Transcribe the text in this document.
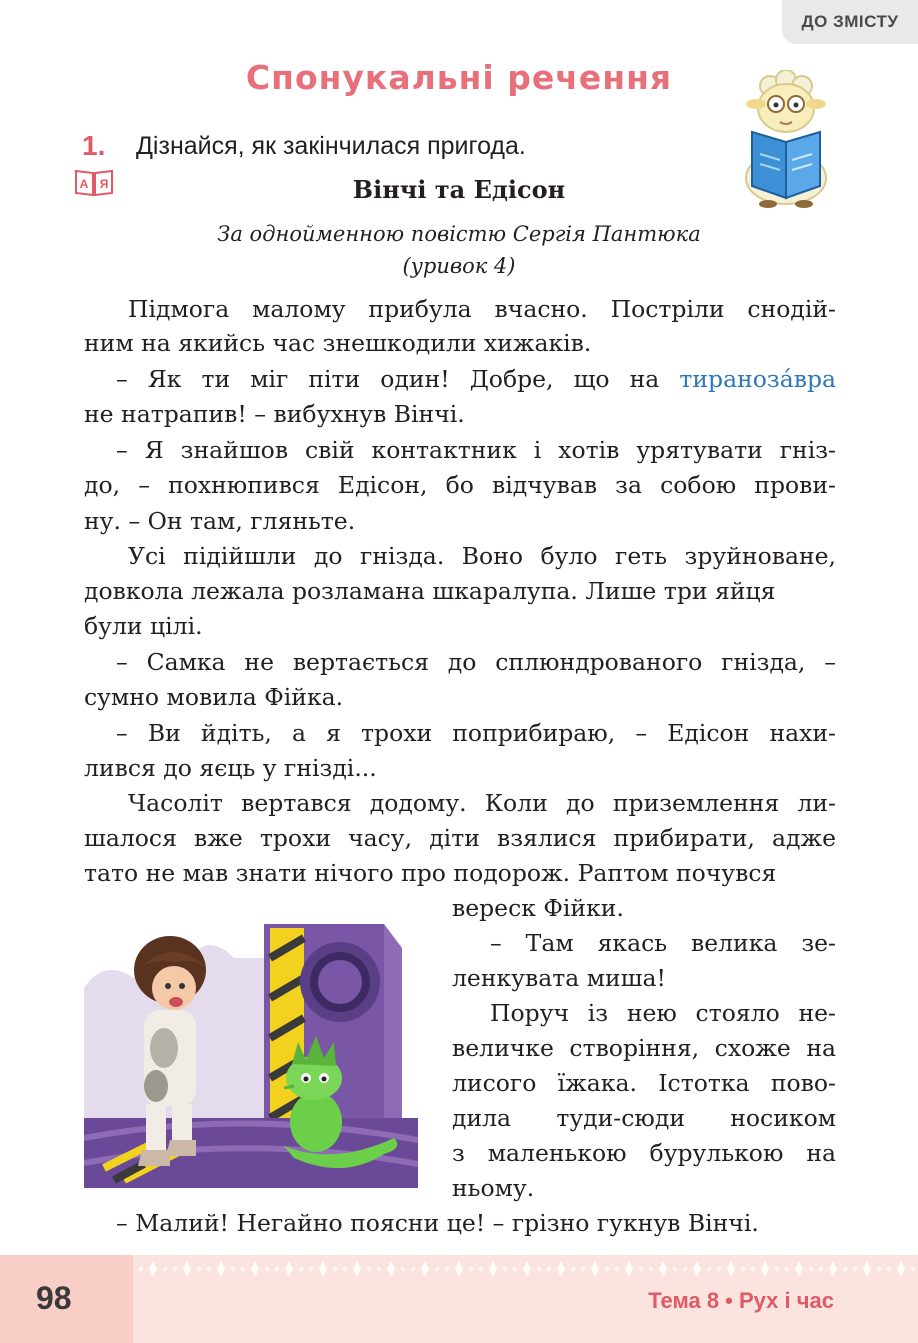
ДО ЗМІСТУ
Спонукальні речення
1. Дізнайся, як закінчилася пригода.
А Я	Вінчі та Едісон
За однойменною повістю Сергія Пантюка
(уривок 4)
Підмога малому прибула вчасно. Постріли снодій-
ним на якийсь час знешкодили хижаків.
– Як ти міг піти один! Добре, що на тиранозáвра
не натрапив! – вибухнув Вінчі.
– Я знайшов свій контактник і хотів урятувати гніз-
до, – похнюпився Едісон, бо відчував за собою прови-
ну. – Он там, гляньте.
Усі підійшли до гнізда. Воно було геть зруйноване,
довкола лежала розламана шкаралупа. Лише три яйця
були цілі.
– Самка не вертається до сплюндрованого гнізда, –
сумно мовила Фійка.
– Ви йдіть, а я трохи поприбираю, – Едісон нахи-
лився до яєць у гнізді...
Часоліт вертався додому. Коли до приземлення ли-
шалося вже трохи часу, діти взялися прибирати, адже
тато не мав знати нічого про подорож. Раптом почувся
вереск Фійки.
– Там якась велика зе-
ленкувата миша!
Поруч із нею стояло не-
величке створіння, схоже на
лисого їжака. Істотка пово-
дила туди-сюди носиком
з маленькою бурулькою на
ньому.
– Малий! Негайно поясни це! – грізно гукнув Вінчі.
98	Тема 8 • Рух і час
